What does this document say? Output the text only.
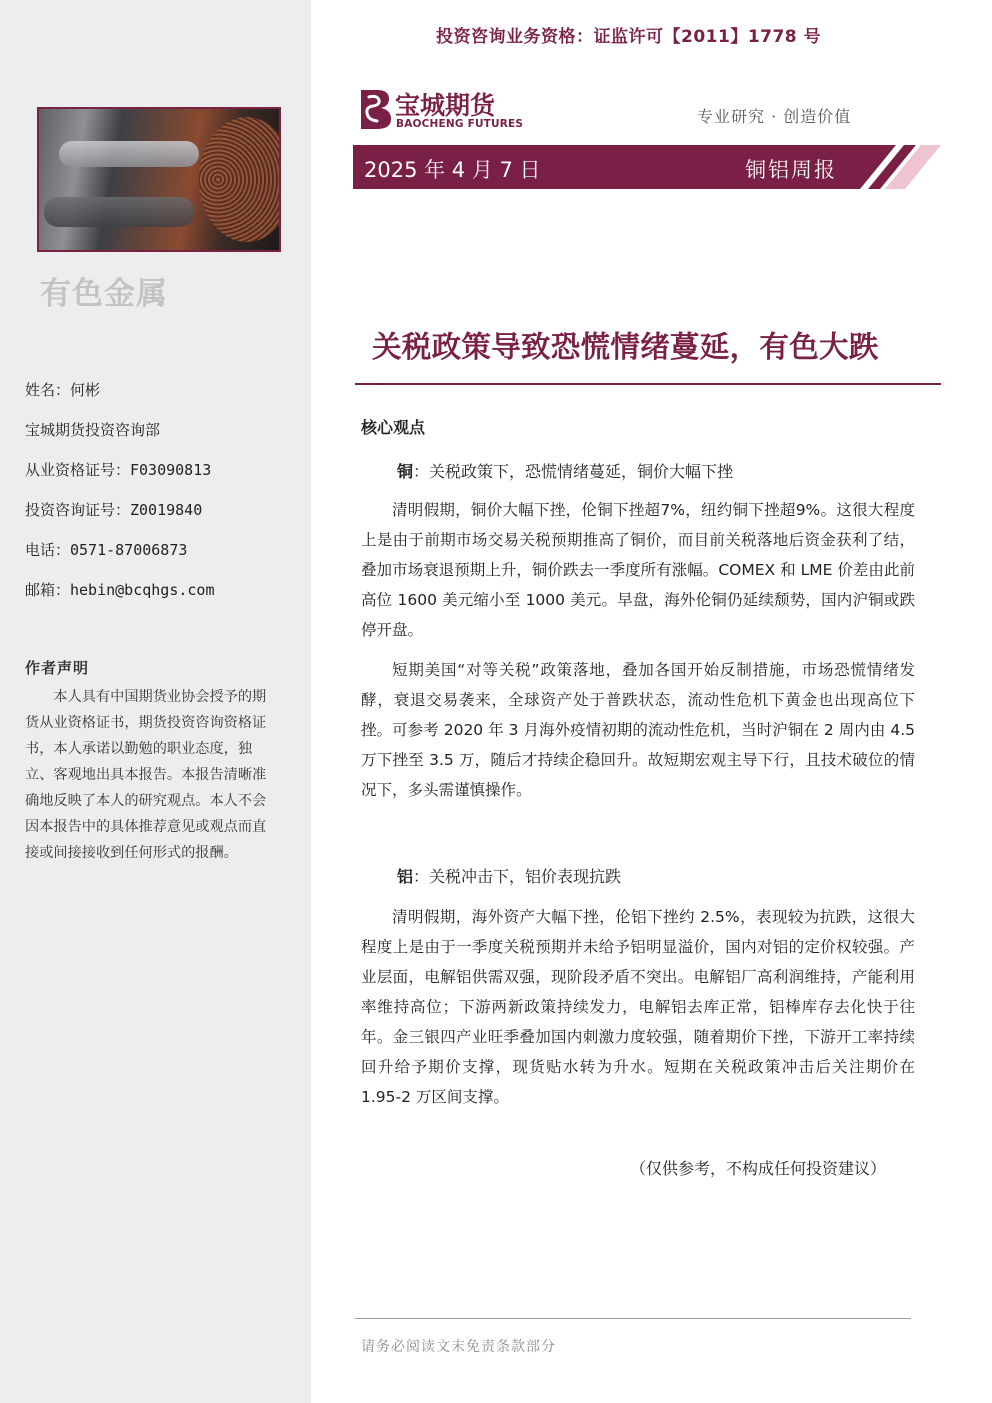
有色金属
姓名：何彬
宝城期货投资咨询部
从业资格证号：F03090813
投资咨询证号：Z0019840
电话：0571-87006873
邮箱：hebin@bcqhgs.com
作者声明
本人具有中国期货业协会授予的期货从业资格证书，期货投资咨询资格证书，本人承诺以勤勉的职业态度，独立、客观地出具本报告。本报告清晰准确地反映了本人的研究观点。本人不会因本报告中的具体推荐意见或观点而直接或间接接收到任何形式的报酬。
投资咨询业务资格：证监许可【2011】1778 号
宝城期货
BAOCHENG FUTURES	专业研究 · 创造价值
2025 年 4 月 7 日	铜铝周报
关税政策导致恐慌情绪蔓延，有色大跌
核心观点
铜：关税政策下，恐慌情绪蔓延，铜价大幅下挫

清明假期，铜价大幅下挫，伦铜下挫超7%，纽约铜下挫超9%。这很大程度上是由于前期市场交易关税预期推高了铜价，而目前关税落地后资金获利了结，叠加市场衰退预期上升，铜价跌去一季度所有涨幅。COMEX 和 LME 价差由此前高位 1600 美元缩小至 1000 美元。早盘，海外伦铜仍延续颓势，国内沪铜或跌停开盘。

短期美国“对等关税”政策落地，叠加各国开始反制措施，市场恐慌情绪发酵，衰退交易袭来，全球资产处于普跌状态，流动性危机下黄金也出现高位下挫。可参考 2020 年 3 月海外疫情初期的流动性危机，当时沪铜在 2 周内由 4.5 万下挫至 3.5 万，随后才持续企稳回升。故短期宏观主导下行，且技术破位的情况下，多头需谨慎操作。

铝：关税冲击下，铝价表现抗跌

清明假期，海外资产大幅下挫，伦铝下挫约 2.5%，表现较为抗跌，这很大程度上是由于一季度关税预期并未给予铝明显溢价，国内对铝的定价权较强。产业层面，电解铝供需双强，现阶段矛盾不突出。电解铝厂高利润维持，产能利用率维持高位；下游两新政策持续发力，电解铝去库正常，铝棒库存去化快于往年。金三银四产业旺季叠加国内刺激力度较强，随着期价下挫，下游开工率持续回升给予期价支撑，现货贴水转为升水。短期在关税政策冲击后关注期价在 1.95-2 万区间支撑。

（仅供参考，不构成任何投资建议）
请务必阅读文末免责条款部分
